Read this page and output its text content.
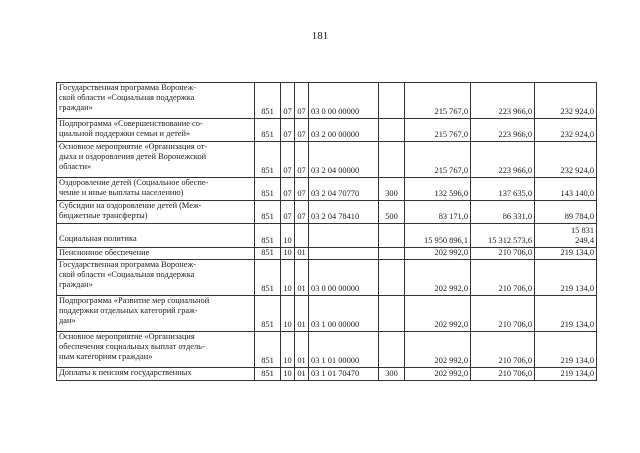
181
Государственная программа Воронеж-
ской области «Социальная поддержка
граждан»	851	07	07	03 0 00 00000		215 767,0	223 966,0	232 924,0
Подпрограмма «Совершенствование со-
циальной поддержки семьи и детей»	851	07	07	03 2 00 00000		215 767,0	223 966,0	232 924,0
Основное мероприятие «Организация от-
дыха и оздоровления детей Воронежской
области»	851	07	07	03 2 04 00000		215 767,0	223 966,0	232 924,0
Оздоровление детей (Социальное обеспе-
чение и иные выплаты населению)	851	07	07	03 2 04 70770	300	132 596,0	137 635,0	143 140,0
Субсидии на оздоровление детей (Меж-
бюджетные трансферты)	851	07	07	03 2 04 78410	500	83 171,0	86 331,0	89 784,0

Социальная политика	851	10				15 950 896,1	15 312 573,6	15 831
249,4
Пенсионное обеспечение	851	10	01			202 992,0	210 706,0	219 134,0
Государственная программа Воронеж-
ской области «Социальная поддержка
граждан»	851	10	01	03 0 00 00000		202 992,0	210 706,0	219 134,0
Подпрограмма «Развитие мер социальной
поддержки отдельных категорий граж-
дан»	851	10	01	03 1 00 00000		202 992,0	210 706,0	219 134,0
Основное мероприятие «Организация
обеспечения социальных выплат отдель-
ным категориям граждан»	851	10	01	03 1 01 00000		202 992,0	210 706,0	219 134,0
Доплаты к пенсиям государственных	851	10	01	03 1 01 70470	300	202 992,0	210 706,0	219 134,0
